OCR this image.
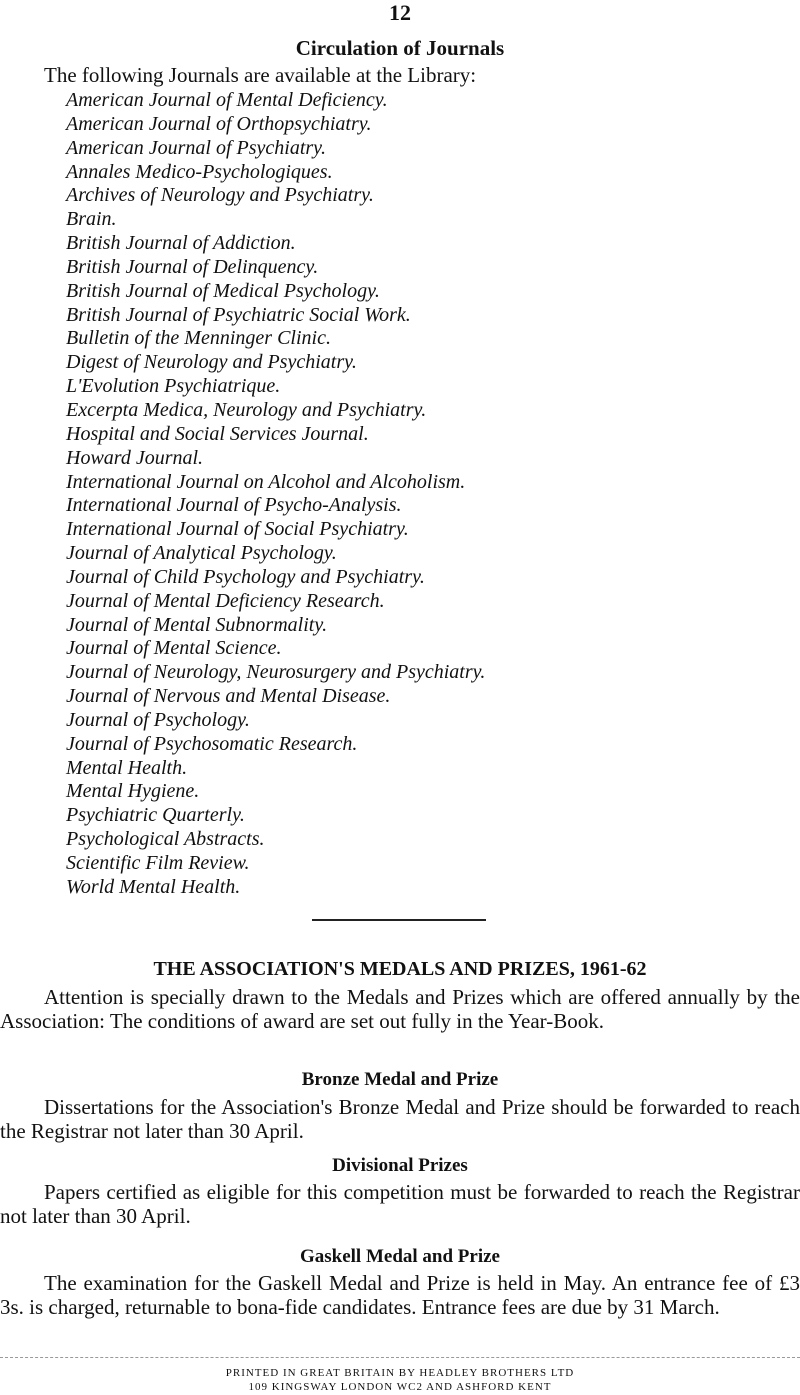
12
Circulation of Journals
The following Journals are available at the Library:
American Journal of Mental Deficiency.
American Journal of Orthopsychiatry.
American Journal of Psychiatry.
Annales Medico-Psychologiques.
Archives of Neurology and Psychiatry.
Brain.
British Journal of Addiction.
British Journal of Delinquency.
British Journal of Medical Psychology.
British Journal of Psychiatric Social Work.
Bulletin of the Menninger Clinic.
Digest of Neurology and Psychiatry.
L'Evolution Psychiatrique.
Excerpta Medica, Neurology and Psychiatry.
Hospital and Social Services Journal.
Howard Journal.
International Journal on Alcohol and Alcoholism.
International Journal of Psycho-Analysis.
International Journal of Social Psychiatry.
Journal of Analytical Psychology.
Journal of Child Psychology and Psychiatry.
Journal of Mental Deficiency Research.
Journal of Mental Subnormality.
Journal of Mental Science.
Journal of Neurology, Neurosurgery and Psychiatry.
Journal of Nervous and Mental Disease.
Journal of Psychology.
Journal of Psychosomatic Research.
Mental Health.
Mental Hygiene.
Psychiatric Quarterly.
Psychological Abstracts.
Scientific Film Review.
World Mental Health.
THE ASSOCIATION'S MEDALS AND PRIZES, 1961-62
Attention is specially drawn to the Medals and Prizes which are offered annually by the Association: The conditions of award are set out fully in the Year-Book.
Bronze Medal and Prize
Dissertations for the Association's Bronze Medal and Prize should be forwarded to reach the Registrar not later than 30 April.
Divisional Prizes
Papers certified as eligible for this competition must be forwarded to reach the Registrar not later than 30 April.
Gaskell Medal and Prize
The examination for the Gaskell Medal and Prize is held in May. An entrance fee of £3 3s. is charged, returnable to bona-fide candidates. Entrance fees are due by 31 March.
PRINTED IN GREAT BRITAIN BY HEADLEY BROTHERS LTD
109 KINGSWAY LONDON WC2 AND ASHFORD KENT
